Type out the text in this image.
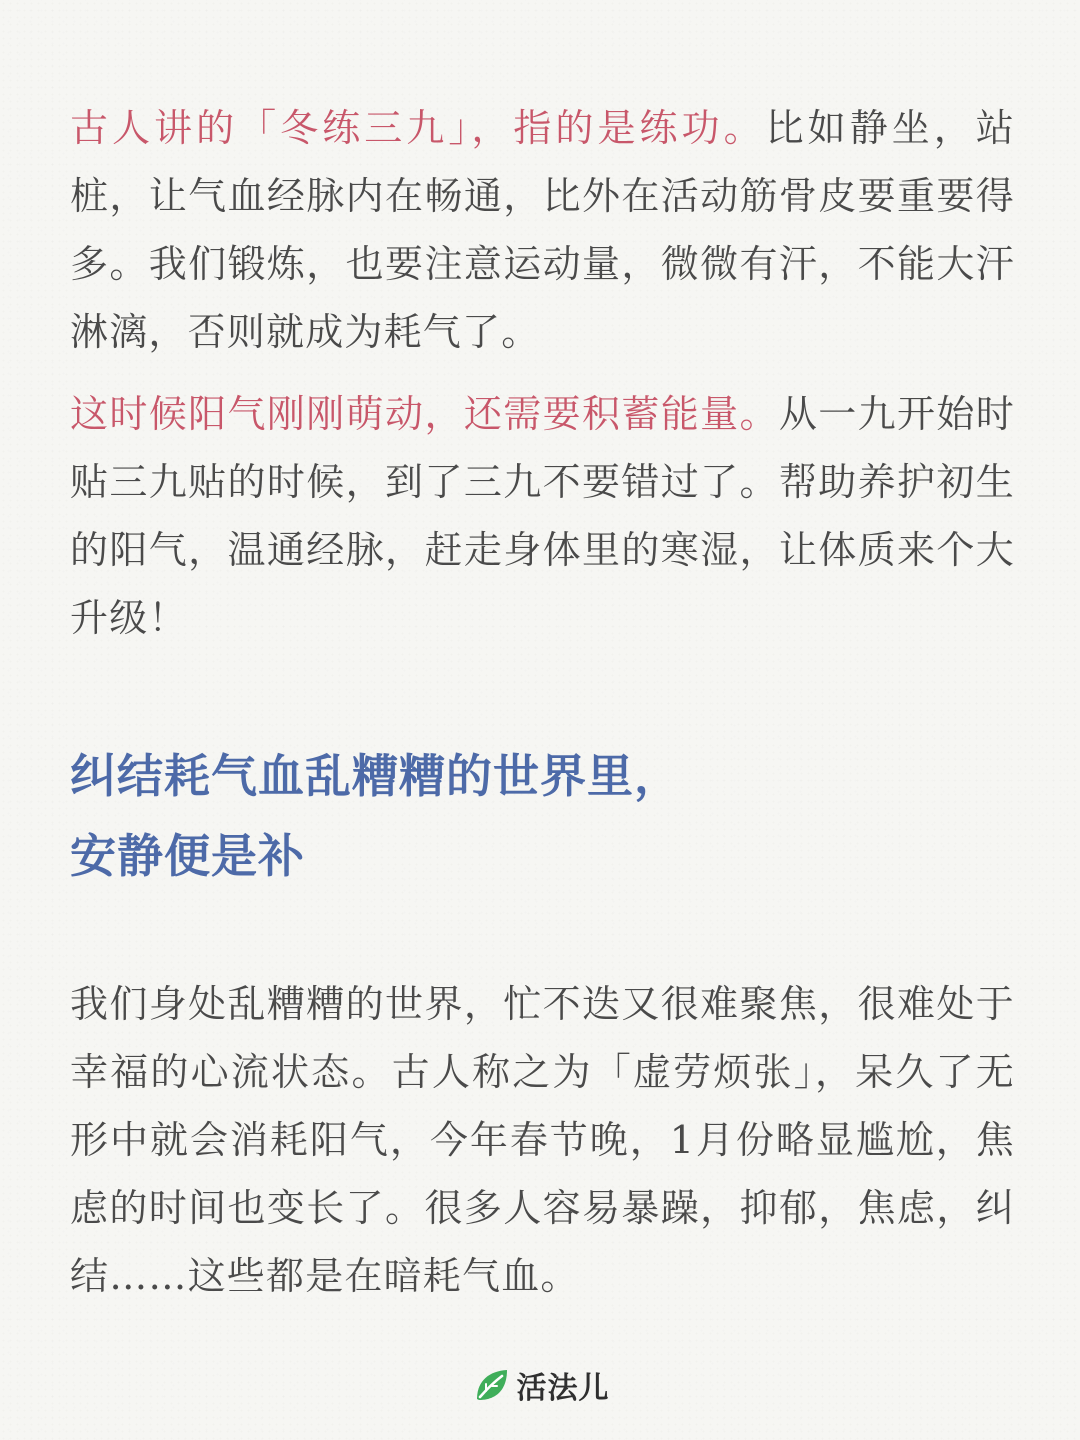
古人讲的「冬练三九」，指的是练功。比如静坐，站桩，让气血经脉内在畅通，比外在活动筋骨皮要重要得多。我们锻炼，也要注意运动量，微微有汗，不能大汗淋漓，否则就成为耗气了。

这时候阳气刚刚萌动，还需要积蓄能量。从一九开始时贴三九贴的时候，到了三九不要错过了。帮助养护初生的阳气，温通经脉，赶走身体里的寒湿，让体质来个大升级！

纠结耗气血乱糟糟的世界里，
安静便是补

我们身处乱糟糟的世界，忙不迭又很难聚焦，很难处于幸福的心流状态。古人称之为「虚劳烦张」，呆久了无形中就会消耗阳气，今年春节晚，1月份略显尴尬，焦虑的时间也变长了。很多人容易暴躁，抑郁，焦虑，纠结……这些都是在暗耗气血。

活法儿
